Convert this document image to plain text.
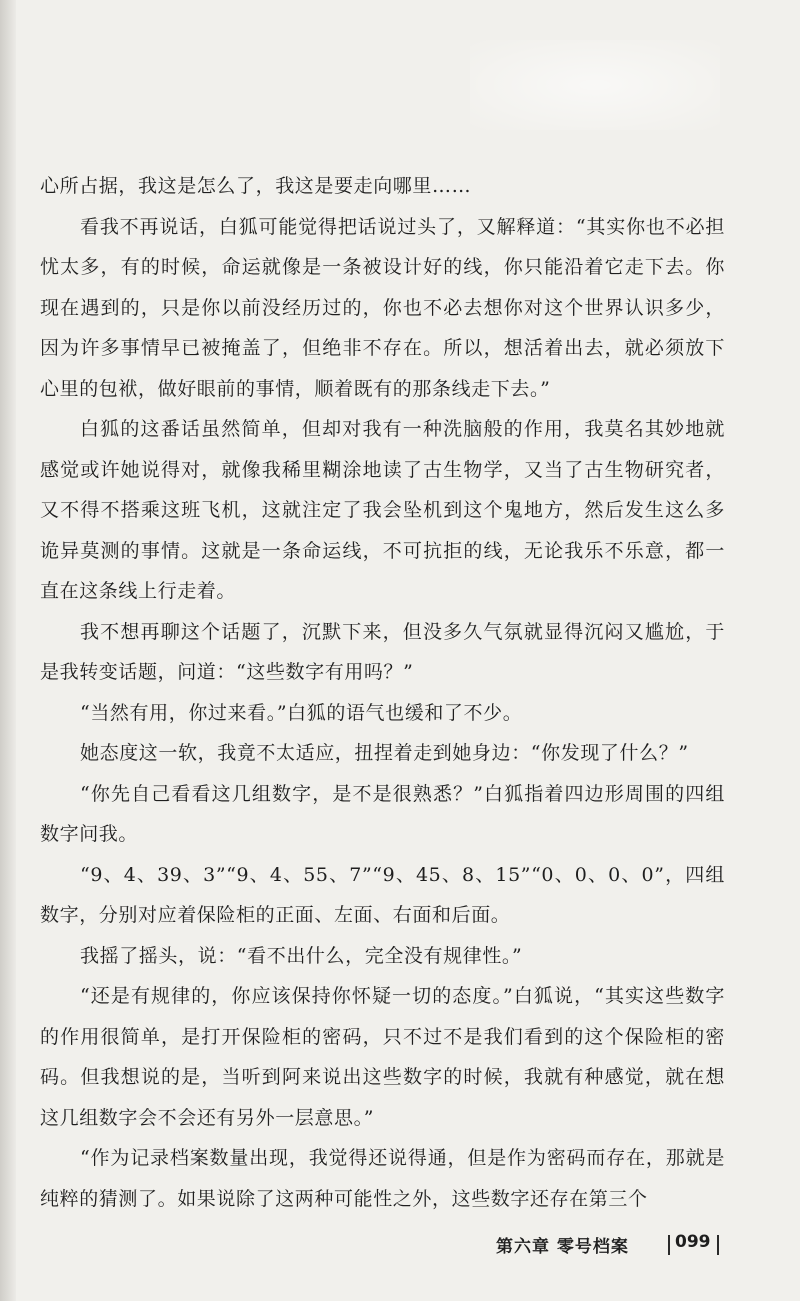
心所占据，我这是怎么了，我这是要走向哪里……

看我不再说话，白狐可能觉得把话说过头了，又解释道：“其实你也不必担忧太多，有的时候，命运就像是一条被设计好的线，你只能沿着它走下去。你现在遇到的，只是你以前没经历过的，你也不必去想你对这个世界认识多少，因为许多事情早已被掩盖了，但绝非不存在。所以，想活着出去，就必须放下心里的包袱，做好眼前的事情，顺着既有的那条线走下去。”

白狐的这番话虽然简单，但却对我有一种洗脑般的作用，我莫名其妙地就感觉或许她说得对，就像我稀里糊涂地读了古生物学，又当了古生物研究者，又不得不搭乘这班飞机，这就注定了我会坠机到这个鬼地方，然后发生这么多诡异莫测的事情。这就是一条命运线，不可抗拒的线，无论我乐不乐意，都一直在这条线上行走着。

我不想再聊这个话题了，沉默下来，但没多久气氛就显得沉闷又尴尬，于是我转变话题，问道：“这些数字有用吗？”

“当然有用，你过来看。”白狐的语气也缓和了不少。

她态度这一软，我竟不太适应，扭捏着走到她身边：“你发现了什么？”

“你先自己看看这几组数字，是不是很熟悉？”白狐指着四边形周围的四组数字问我。

“9、4、39、3”“9、4、55、7”“9、45、8、15”“0、0、0、0”，四组数字，分别对应着保险柜的正面、左面、右面和后面。

我摇了摇头，说：“看不出什么，完全没有规律性。”

“还是有规律的，你应该保持你怀疑一切的态度。”白狐说，“其实这些数字的作用很简单，是打开保险柜的密码，只不过不是我们看到的这个保险柜的密码。但我想说的是，当听到阿来说出这些数字的时候，我就有种感觉，就在想这几组数字会不会还有另外一层意思。”

“作为记录档案数量出现，我觉得还说得通，但是作为密码而存在，那就是纯粹的猜测了。如果说除了这两种可能性之外，这些数字还存在第三个

第六章 零号档案	099
